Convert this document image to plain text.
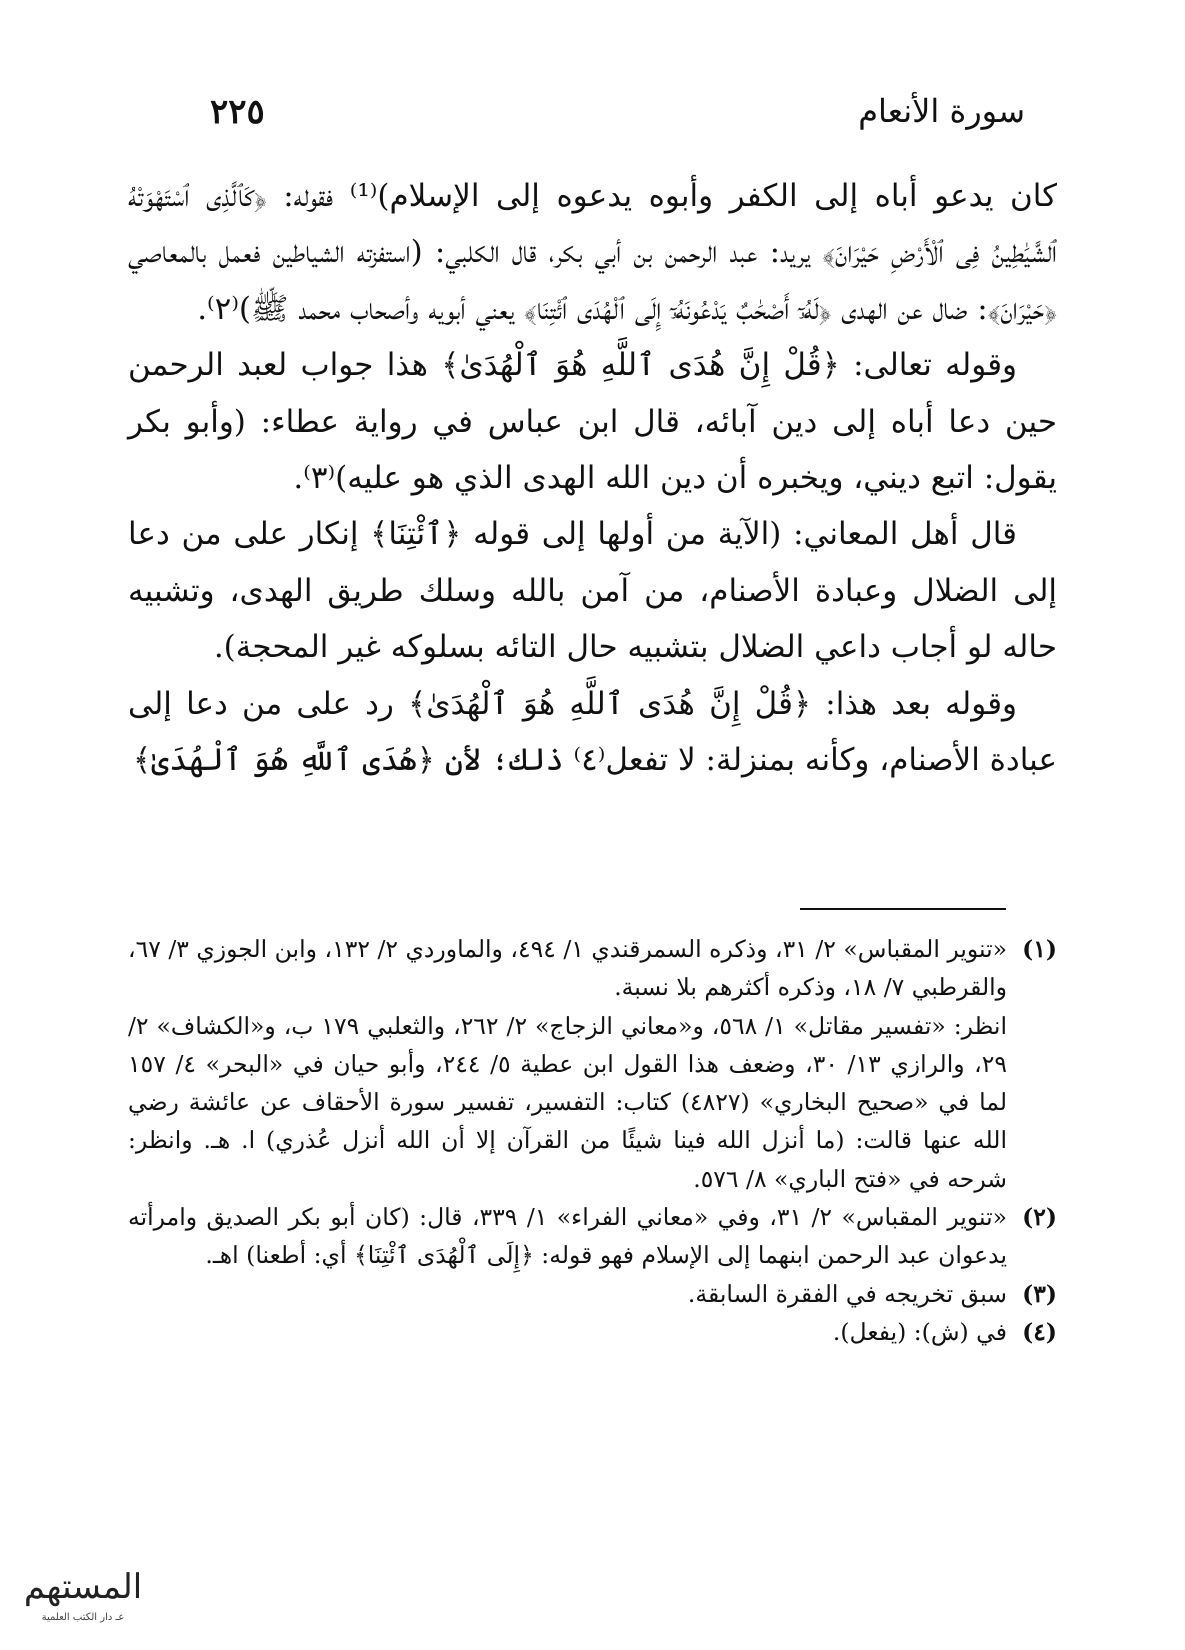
٢٢٥	سورة الأنعام

كان يدعو أباه إلى الكفر وأبوه يدعوه إلى الإسلام)⁽¹⁾ فقوله: ﴿كَٱلَّذِى ٱسْتَهْوَتْهُ ٱلشَّيَٰطِينُ فِى ٱلْأَرْضِ حَيْرَانَ﴾ يريد: عبد الرحمن بن أبي بكر، قال الكلبي: (استفزته الشياطين فعمل بالمعاصي ﴿حَيْرَانَ﴾: ضال عن الهدى ﴿لَهُۥٓ أَصْحَٰبٌ يَدْعُونَهُۥٓ إِلَى ٱلْهُدَى ٱئْتِنَا﴾ يعني أبويه وأصحاب محمد ﷺ)⁽٢⁾.

وقوله تعالى: ﴿قُلْ إِنَّ هُدَى ٱللَّهِ هُوَ ٱلْهُدَىٰ﴾ هذا جواب لعبد الرحمن حين دعا أباه إلى دين آبائه، قال ابن عباس في رواية عطاء: (وأبو بكر يقول: اتبع ديني، ويخبره أن دين الله الهدى الذي هو عليه)⁽٣⁾.

قال أهل المعاني: (الآية من أولها إلى قوله ﴿ٱئْتِنَا﴾ إنكار على من دعا إلى الضلال وعبادة الأصنام، من آمن بالله وسلك طريق الهدى، وتشبيه حاله لو أجاب داعي الضلال بتشبيه حال التائه بسلوكه غير المحجة).

وقوله بعد هذا: ﴿قُلْ إِنَّ هُدَى ٱللَّهِ هُوَ ٱلْهُدَىٰ﴾ رد على من دعا إلى عبادة الأصنام، وكأنه بمنزلة: لا تفعل⁽٤⁾ ذلك؛ لأن ﴿هُدَى ٱللَّهِ هُوَ ٱلْهُدَىٰ﴾

(١)

«تنوير المقباس» ٢/ ٣١، وذكره السمرقندي ١/ ٤٩٤، والماوردي ٢/ ١٣٢، وابن الجوزي ٣/ ٦٧، والقرطبي ٧/ ١٨، وذكره أكثرهم بلا نسبة.

انظر: «تفسير مقاتل» ١/ ٥٦٨، و«معاني الزجاج» ٢/ ٢٦٢، والثعلبي ١٧٩ ب، و«الكشاف» ٢/ ٢٩، والرازي ١٣/ ٣٠، وضعف هذا القول ابن عطية ٥/ ٢٤٤، وأبو حيان في «البحر» ٤/ ١٥٧ لما في «صحيح البخاري» (٤٨٢٧) كتاب: التفسير، تفسير سورة الأحقاف عن عائشة رضي الله عنها قالت: (ما أنزل الله فينا شيئًا من القرآن إلا أن الله أنزل عُذري) ا. هـ. وانظر: شرحه في «فتح الباري» ٨/ ٥٧٦.

(٢)

«تنوير المقباس» ٢/ ٣١، وفي «معاني الفراء» ١/ ٣٣٩، قال: (كان أبو بكر الصديق وامرأته يدعوان عبد الرحمن ابنهما إلى الإسلام فهو قوله: ﴿إِلَى ٱلْهُدَى ٱئْتِنَا﴾ أي: أطعنا) اهـ.

(٣)

سبق تخريجه في الفقرة السابقة.

(٤)

في (ش): (يفعل).

المستهم
عـ دار الكتب العلمية
